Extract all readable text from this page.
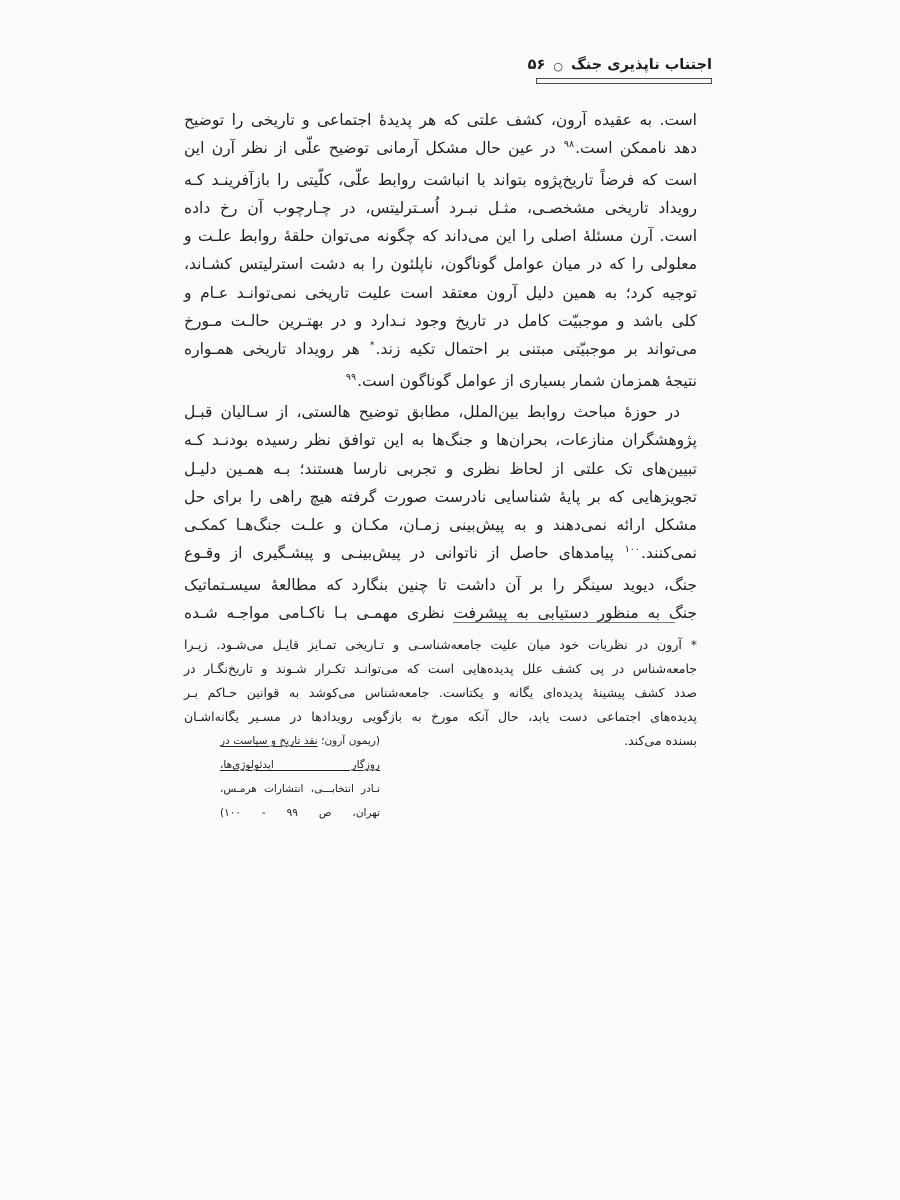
۵۶ ○ اجتناب ناپذیری جنگ
است. به عقیده آرون، کشف علتی که هر پدیدهٔ اجتماعی و تاریخی را توضیح
دهد ناممکن است.$^{۹۸}$ در عین حال مشکل آرمانی توضیح علّی از نظر آرن این
است که فرضاً تاریخ‌پژوه بتواند با انباشت روابط علّی، کلّیتی را بازآفرینـد کـه
رویداد تاریخی مشخصـی، مثـل نبـرد اُسـترلیتس، در چـارچوب آن رخ داده
است. آرن مسئلهٔ اصلی را این می‌داند که چگونه می‌توان حلقهٔ روابط علـت و
معلولی را که در میان عوامل گوناگون، ناپلئون را به دشت استرلیتس کشـاند،
توجیه کرد؛ به همین دلیل آرون معتقد است علیت تاریخی نمی‌توانـد عـام و
کلی باشد و موجبیّت کامل در تاریخ وجود نـدارد و در بهتـرین حالـت مـورخ
می‌تواند بر موجبیّتی مبتنی بر احتمال تکیه زند.* هر رویداد تاریخی همـواره
نتیجهٔ همزمان شمار بسیاری از عوامل گوناگون است.$^{۹۹}$
در حوزهٔ مباحث روابط بین‌الملل، مطابق توضیح هالستی، از سـالیان قبـل
پژوهشگران منازعات، بحران‌ها و جنگ‌ها به این توافق نظر رسیده بودنـد کـه
تبیین‌های تک علتی از لحاظ نظری و تجربی نارسا هستند؛ بـه همـین دلیـل
تجویزهایی که بر پایهٔ شناسایی نادرست صورت گرفته هیچ راهی را برای حل
مشکل ارائه نمی‌دهند و به پیش‌بینی زمـان، مکـان و علـت جنگ‌هـا کمکـی
نمی‌کنند.$^{۱۰۰}$ پیامدهای حاصل از ناتوانی در پیش‌بینـی و پیشـگیری از وقـوع
جنگ، دیوید سینگر را بر آن داشت تا چنین بنگارد که مطالعهٔ سیسـتماتیک
جنگ به منظور دستیابی به پیشرفت نظری مهمـی بـا ناکـامی مواجـه شـده
* آرون در نظریات خود میان علیت جامعه‌شناسـی و تـاریخی تمـایز قایـل می‌شـود. زیـرا
جامعه‌شناس در پی کشف علل پدیده‌هایی است که می‌توانـد تکـرار شـوند و تاریخ‌نگـار در
صدد کشف پیشینهٔ پدیده‌ای یگانه و یکتاست. جامعه‌شناس می‌کوشد به قوانین حـاکم بـر
پدیده‌های اجتماعی دست یابد، حال آنکه مورخ به بازگویی رویدادها در مسـیر یگانه‌اشـان
بسنده می‌کند.
(ریمون آرون؛ نقد تاریخ و سیاست در روزگار ایدئولوژی‌ها،
نـادر انتخابـــی، انتشارات هرمـس، تهران، ص ۹۹ - ۱۰۰)
